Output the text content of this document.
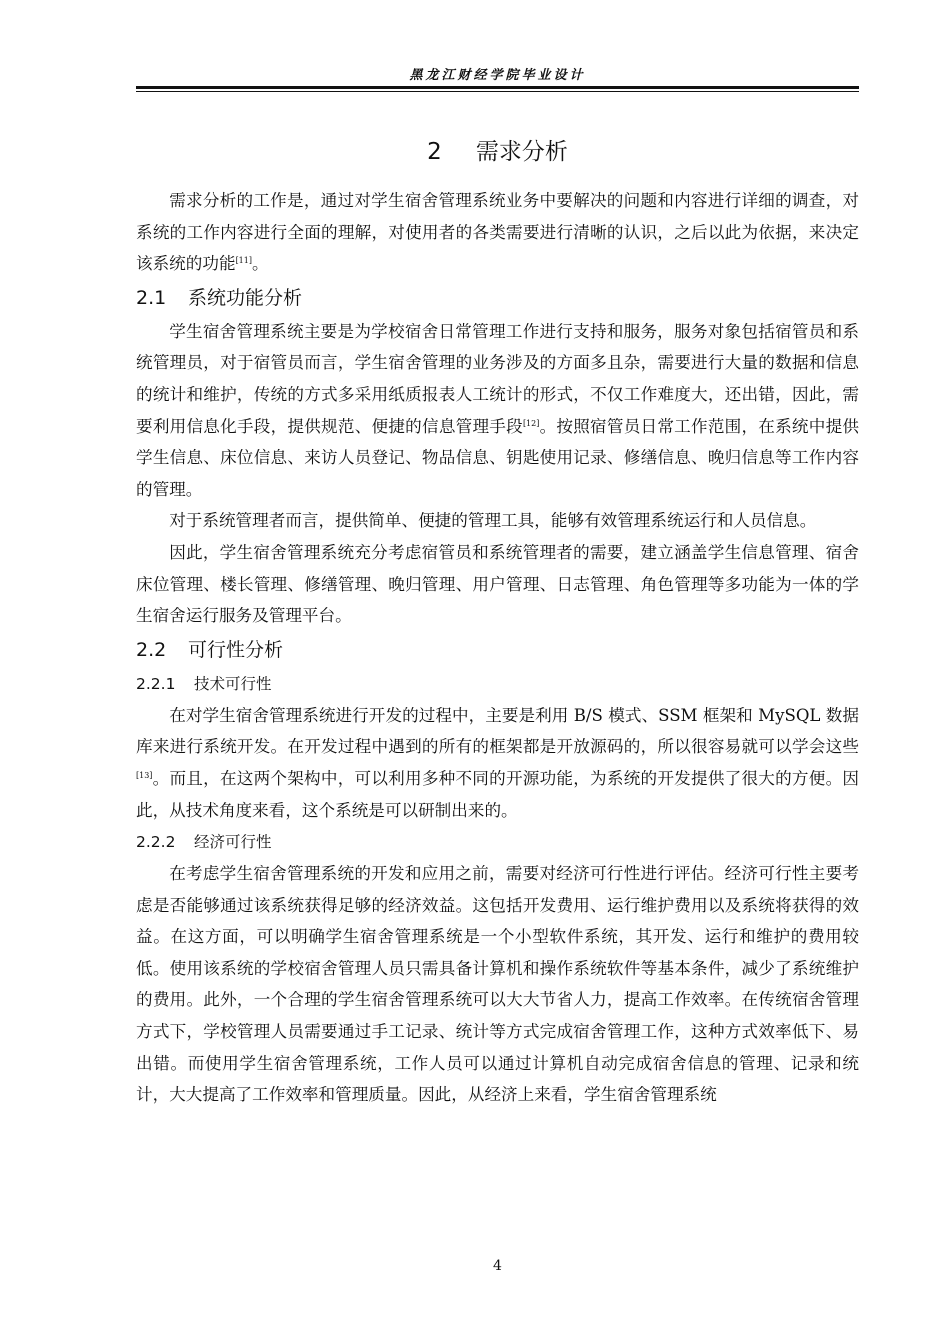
黑龙江财经学院毕业设计
2 需求分析

需求分析的工作是，通过对学生宿舍管理系统业务中要解决的问题和内容进行详细的调查，对系统的工作内容进行全面的理解，对使用者的各类需要进行清晰的认识，之后以此为依据，来决定该系统的功能[11]。

2.1 系统功能分析

学生宿舍管理系统主要是为学校宿舍日常管理工作进行支持和服务，服务对象包括宿管员和系统管理员，对于宿管员而言，学生宿舍管理的业务涉及的方面多且杂，需要进行大量的数据和信息的统计和维护，传统的方式多采用纸质报表人工统计的形式，不仅工作难度大，还出错，因此，需要利用信息化手段，提供规范、便捷的信息管理手段[12]。按照宿管员日常工作范围，在系统中提供学生信息、床位信息、来访人员登记、物品信息、钥匙使用记录、修缮信息、晚归信息等工作内容的管理。

对于系统管理者而言，提供简单、便捷的管理工具，能够有效管理系统运行和人员信息。

因此，学生宿舍管理系统充分考虑宿管员和系统管理者的需要，建立涵盖学生信息管理、宿舍床位管理、楼长管理、修缮管理、晚归管理、用户管理、日志管理、角色管理等多功能为一体的学生宿舍运行服务及管理平台。

2.2 可行性分析
2.2.1 技术可行性

在对学生宿舍管理系统进行开发的过程中，主要是利用 B/S 模式、SSM 框架和 MySQL 数据库来进行系统开发。在开发过程中遇到的所有的框架都是开放源码的，所以很容易就可以学会这些[13]。而且，在这两个架构中，可以利用多种不同的开源功能，为系统的开发提供了很大的方便。因此，从技术角度来看，这个系统是可以研制出来的。

2.2.2 经济可行性

在考虑学生宿舍管理系统的开发和应用之前，需要对经济可行性进行评估。经济可行性主要考虑是否能够通过该系统获得足够的经济效益。这包括开发费用、运行维护费用以及系统将获得的效益。在这方面，可以明确学生宿舍管理系统是一个小型软件系统，其开发、运行和维护的费用较低。使用该系统的学校宿舍管理人员只需具备计算机和操作系统软件等基本条件，减少了系统维护的费用。此外，一个合理的学生宿舍管理系统可以大大节省人力，提高工作效率。在传统宿舍管理方式下，学校管理人员需要通过手工记录、统计等方式完成宿舍管理工作，这种方式效率低下、易出错。而使用学生宿舍管理系统，工作人员可以通过计算机自动完成宿舍信息的管理、记录和统计，大大提高了工作效率和管理质量。因此，从经济上来看，学生宿舍管理系统

4
